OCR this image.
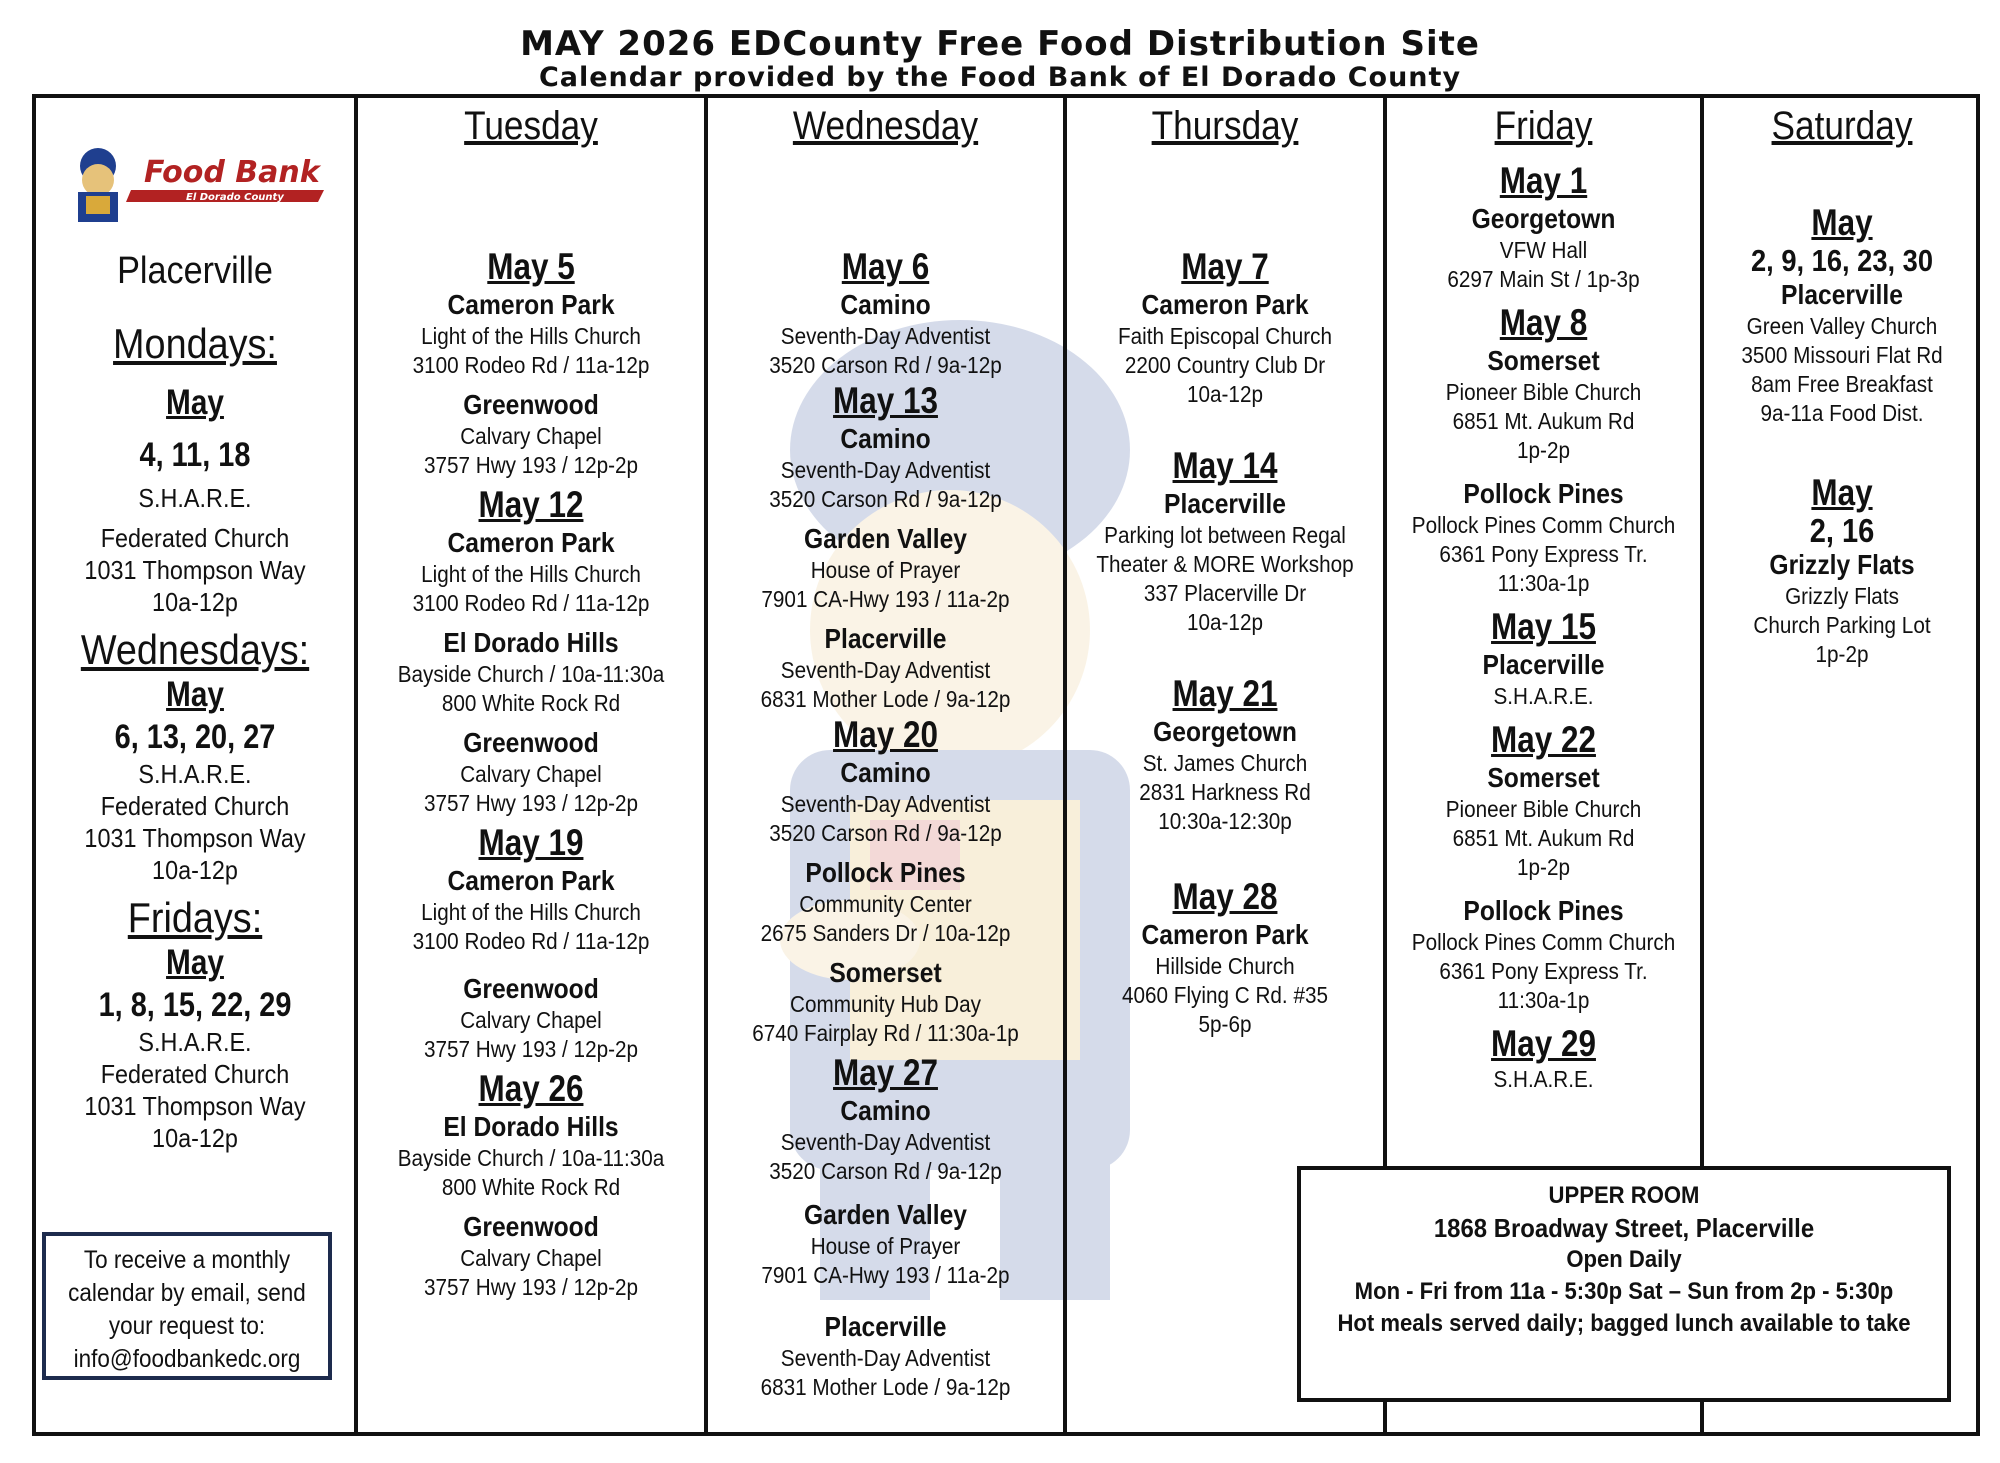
MAY 2026 EDCounty Free Food Distribution Site
Calendar provided by the Food Bank of El Dorado County
Food Bank
El Dorado County
Placerville
Mondays:
May
4, 11, 18
S.H.A.R.E.
Federated Church
1031 Thompson Way
10a-12p
Wednesdays:
May
6, 13, 20, 27
S.H.A.R.E.
Federated Church
1031 Thompson Way
10a-12p
Fridays:
May
1, 8, 15, 22, 29
S.H.A.R.E.
Federated Church
1031 Thompson Way
10a-12p
To receive a monthly
calendar by email, send
your request to:
info@foodbankedc.org
Tuesday
May 5
Cameron Park
Light of the Hills Church
3100 Rodeo Rd / 11a-12p
Greenwood
Calvary Chapel
3757 Hwy 193 / 12p-2p
May 12
Cameron Park
Light of the Hills Church
3100 Rodeo Rd / 11a-12p
El Dorado Hills
Bayside Church / 10a-11:30a
800 White Rock Rd
Greenwood
Calvary Chapel
3757 Hwy 193 / 12p-2p
May 19
Cameron Park
Light of the Hills Church
3100 Rodeo Rd / 11a-12p
Greenwood
Calvary Chapel
3757 Hwy 193 / 12p-2p
May 26
El Dorado Hills
Bayside Church / 10a-11:30a
800 White Rock Rd
Greenwood
Calvary Chapel
3757 Hwy 193 / 12p-2p
Wednesday
May 6
Camino
Seventh-Day Adventist
3520 Carson Rd / 9a-12p
May 13
Camino
Seventh-Day Adventist
3520 Carson Rd / 9a-12p
Garden Valley
House of Prayer
7901 CA-Hwy 193 / 11a-2p
Placerville
Seventh-Day Adventist
6831 Mother Lode / 9a-12p
May 20
Camino
Seventh-Day Adventist
3520 Carson Rd / 9a-12p
Pollock Pines
Community Center
2675 Sanders Dr / 10a-12p
Somerset
Community Hub Day
6740 Fairplay Rd / 11:30a-1p
May 27
Camino
Seventh-Day Adventist
3520 Carson Rd / 9a-12p
Garden Valley
House of Prayer
7901 CA-Hwy 193 / 11a-2p
Placerville
Seventh-Day Adventist
6831 Mother Lode / 9a-12p
Thursday
May 7
Cameron Park
Faith Episcopal Church
2200 Country Club Dr
10a-12p
May 14
Placerville
Parking lot between Regal
Theater & MORE Workshop
337 Placerville Dr
10a-12p
May 21
Georgetown
St. James Church
2831 Harkness Rd
10:30a-12:30p
May 28
Cameron Park
Hillside Church
4060 Flying C Rd. #35
5p-6p
Friday
May 1
Georgetown
VFW Hall
6297 Main St / 1p-3p
May 8
Somerset
Pioneer Bible Church
6851 Mt. Aukum Rd
1p-2p
Pollock Pines
Pollock Pines Comm Church
6361 Pony Express Tr.
11:30a-1p
May 15
Placerville
S.H.A.R.E.
May 22
Somerset
Pioneer Bible Church
6851 Mt. Aukum Rd
1p-2p
Pollock Pines
Pollock Pines Comm Church
6361 Pony Express Tr.
11:30a-1p
May 29
S.H.A.R.E.
Saturday
May
2, 9, 16, 23, 30
Placerville
Green Valley Church
3500 Missouri Flat Rd
8am Free Breakfast
9a-11a Food Dist.
May
2, 16
Grizzly Flats
Grizzly Flats
Church Parking Lot
1p-2p
UPPER ROOM
1868 Broadway Street, Placerville
Open Daily
Mon - Fri from 11a - 5:30p Sat – Sun from 2p - 5:30p
Hot meals served daily; bagged lunch available to take
